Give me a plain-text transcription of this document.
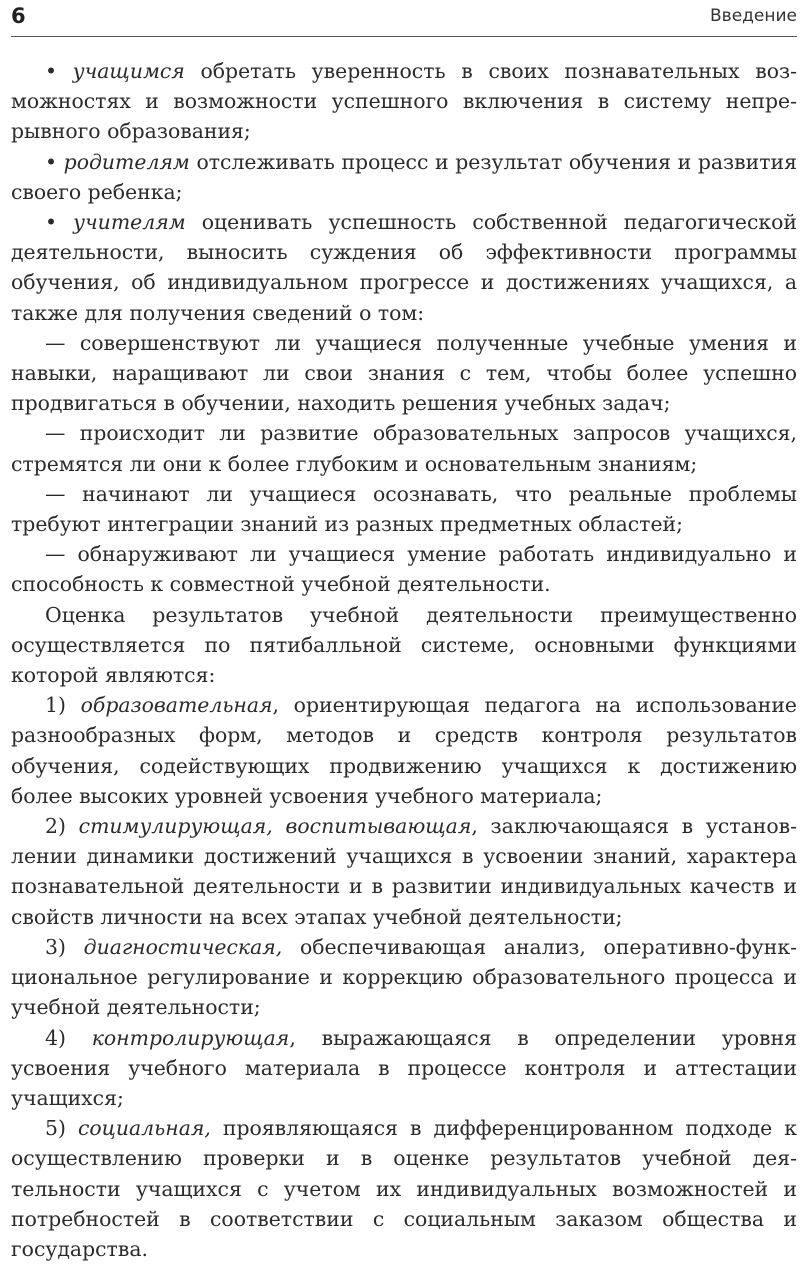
6	Введение

• учащимся обретать уверенность в своих познавательных возможностях и возможности успешного включения в систему непрерывного образования;

• родителям отслеживать процесс и результат обучения и развития своего ребенка;

• учителям оценивать успешность собственной педагогической деятельности, выносить суждения об эффективности программы обучения, об индивидуальном прогрессе и достижениях учащихся, а также для получения сведений о том:

— совершенствуют ли учащиеся полученные учебные умения и навыки, наращивают ли свои знания с тем, чтобы более успешно продвигаться в обучении, находить решения учебных задач;

— происходит ли развитие образовательных запросов учащихся, стремятся ли они к более глубоким и основательным знаниям;

— начинают ли учащиеся осознавать, что реальные проблемы требуют интеграции знаний из разных предметных областей;

— обнаруживают ли учащиеся умение работать индивидуально и способность к совместной учебной деятельности.

Оценка результатов учебной деятельности преимущественно осуществляется по пятибалльной системе, основными функциями которой являются:

1) образовательная, ориентирующая педагога на использование разнообразных форм, методов и средств контроля результатов обучения, содействующих продвижению учащихся к достижению более высоких уровней усвоения учебного материала;

2) стимулирующая, воспитывающая, заключающаяся в установлении динамики достижений учащихся в усвоении знаний, характера познавательной деятельности и в развитии индивидуальных качеств и свойств личности на всех этапах учебной деятельности;

3) диагностическая, обеспечивающая анализ, оперативно-функциональное регулирование и коррекцию образовательного процесса и учебной деятельности;

4) контролирующая, выражающаяся в определении уровня усвоения учебного материала в процессе контроля и аттестации учащихся;

5) социальная, проявляющаяся в дифференцированном подходе к осуществлению проверки и в оценке результатов учебной деятельности учащихся с учетом их индивидуальных возможностей и потребностей в соответствии с социальным заказом общества и государства.
